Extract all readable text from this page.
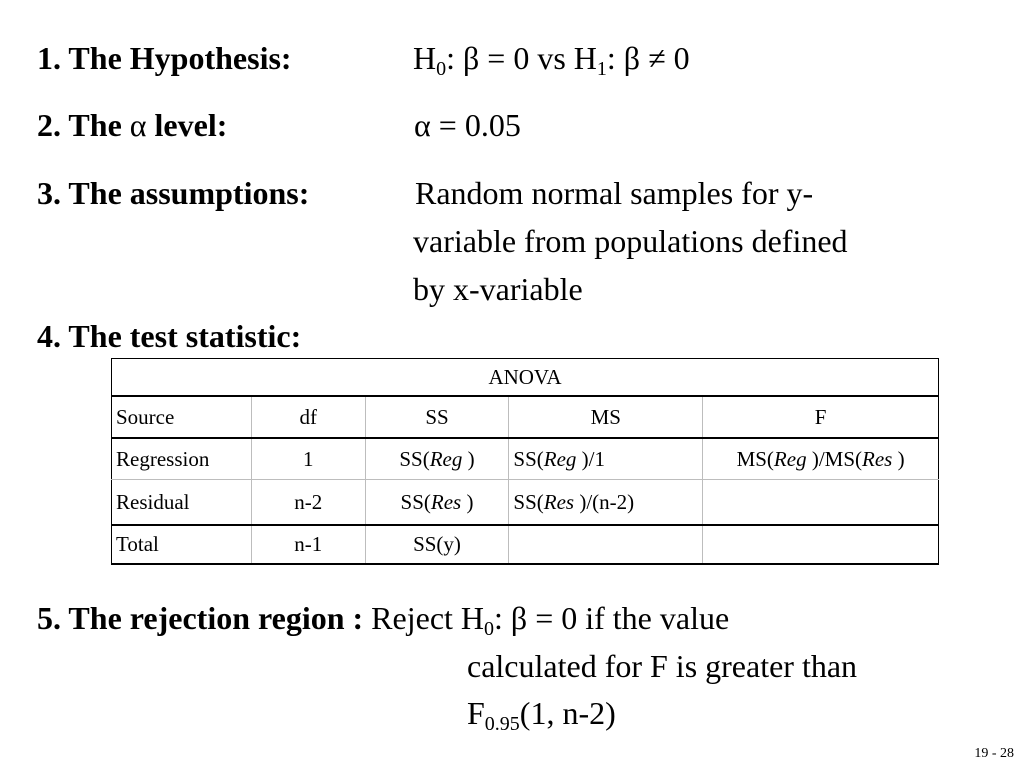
1. The Hypothesis:	$H_0$: β = 0 vs $H_1$: β ≠ 0
2. The α level:	α = 0.05
3. The assumptions:	Random normal samples for y-
variable from populations defined
by x-variable
4. The test statistic:
ANOVA				
Source	df	SS	MS	F
Regression	1	SS(Reg )	SS(Reg )/1	MS(Reg )/MS(Res )
Residual	n-2	SS(Res )	SS(Res )/(n-2)	
Total	n-1	SS(y)		
5. The rejection region : Reject $H_0$: β = 0 if the value
calculated for F is greater than
$F_{0.95}(1$, n-2)
19 - 28
